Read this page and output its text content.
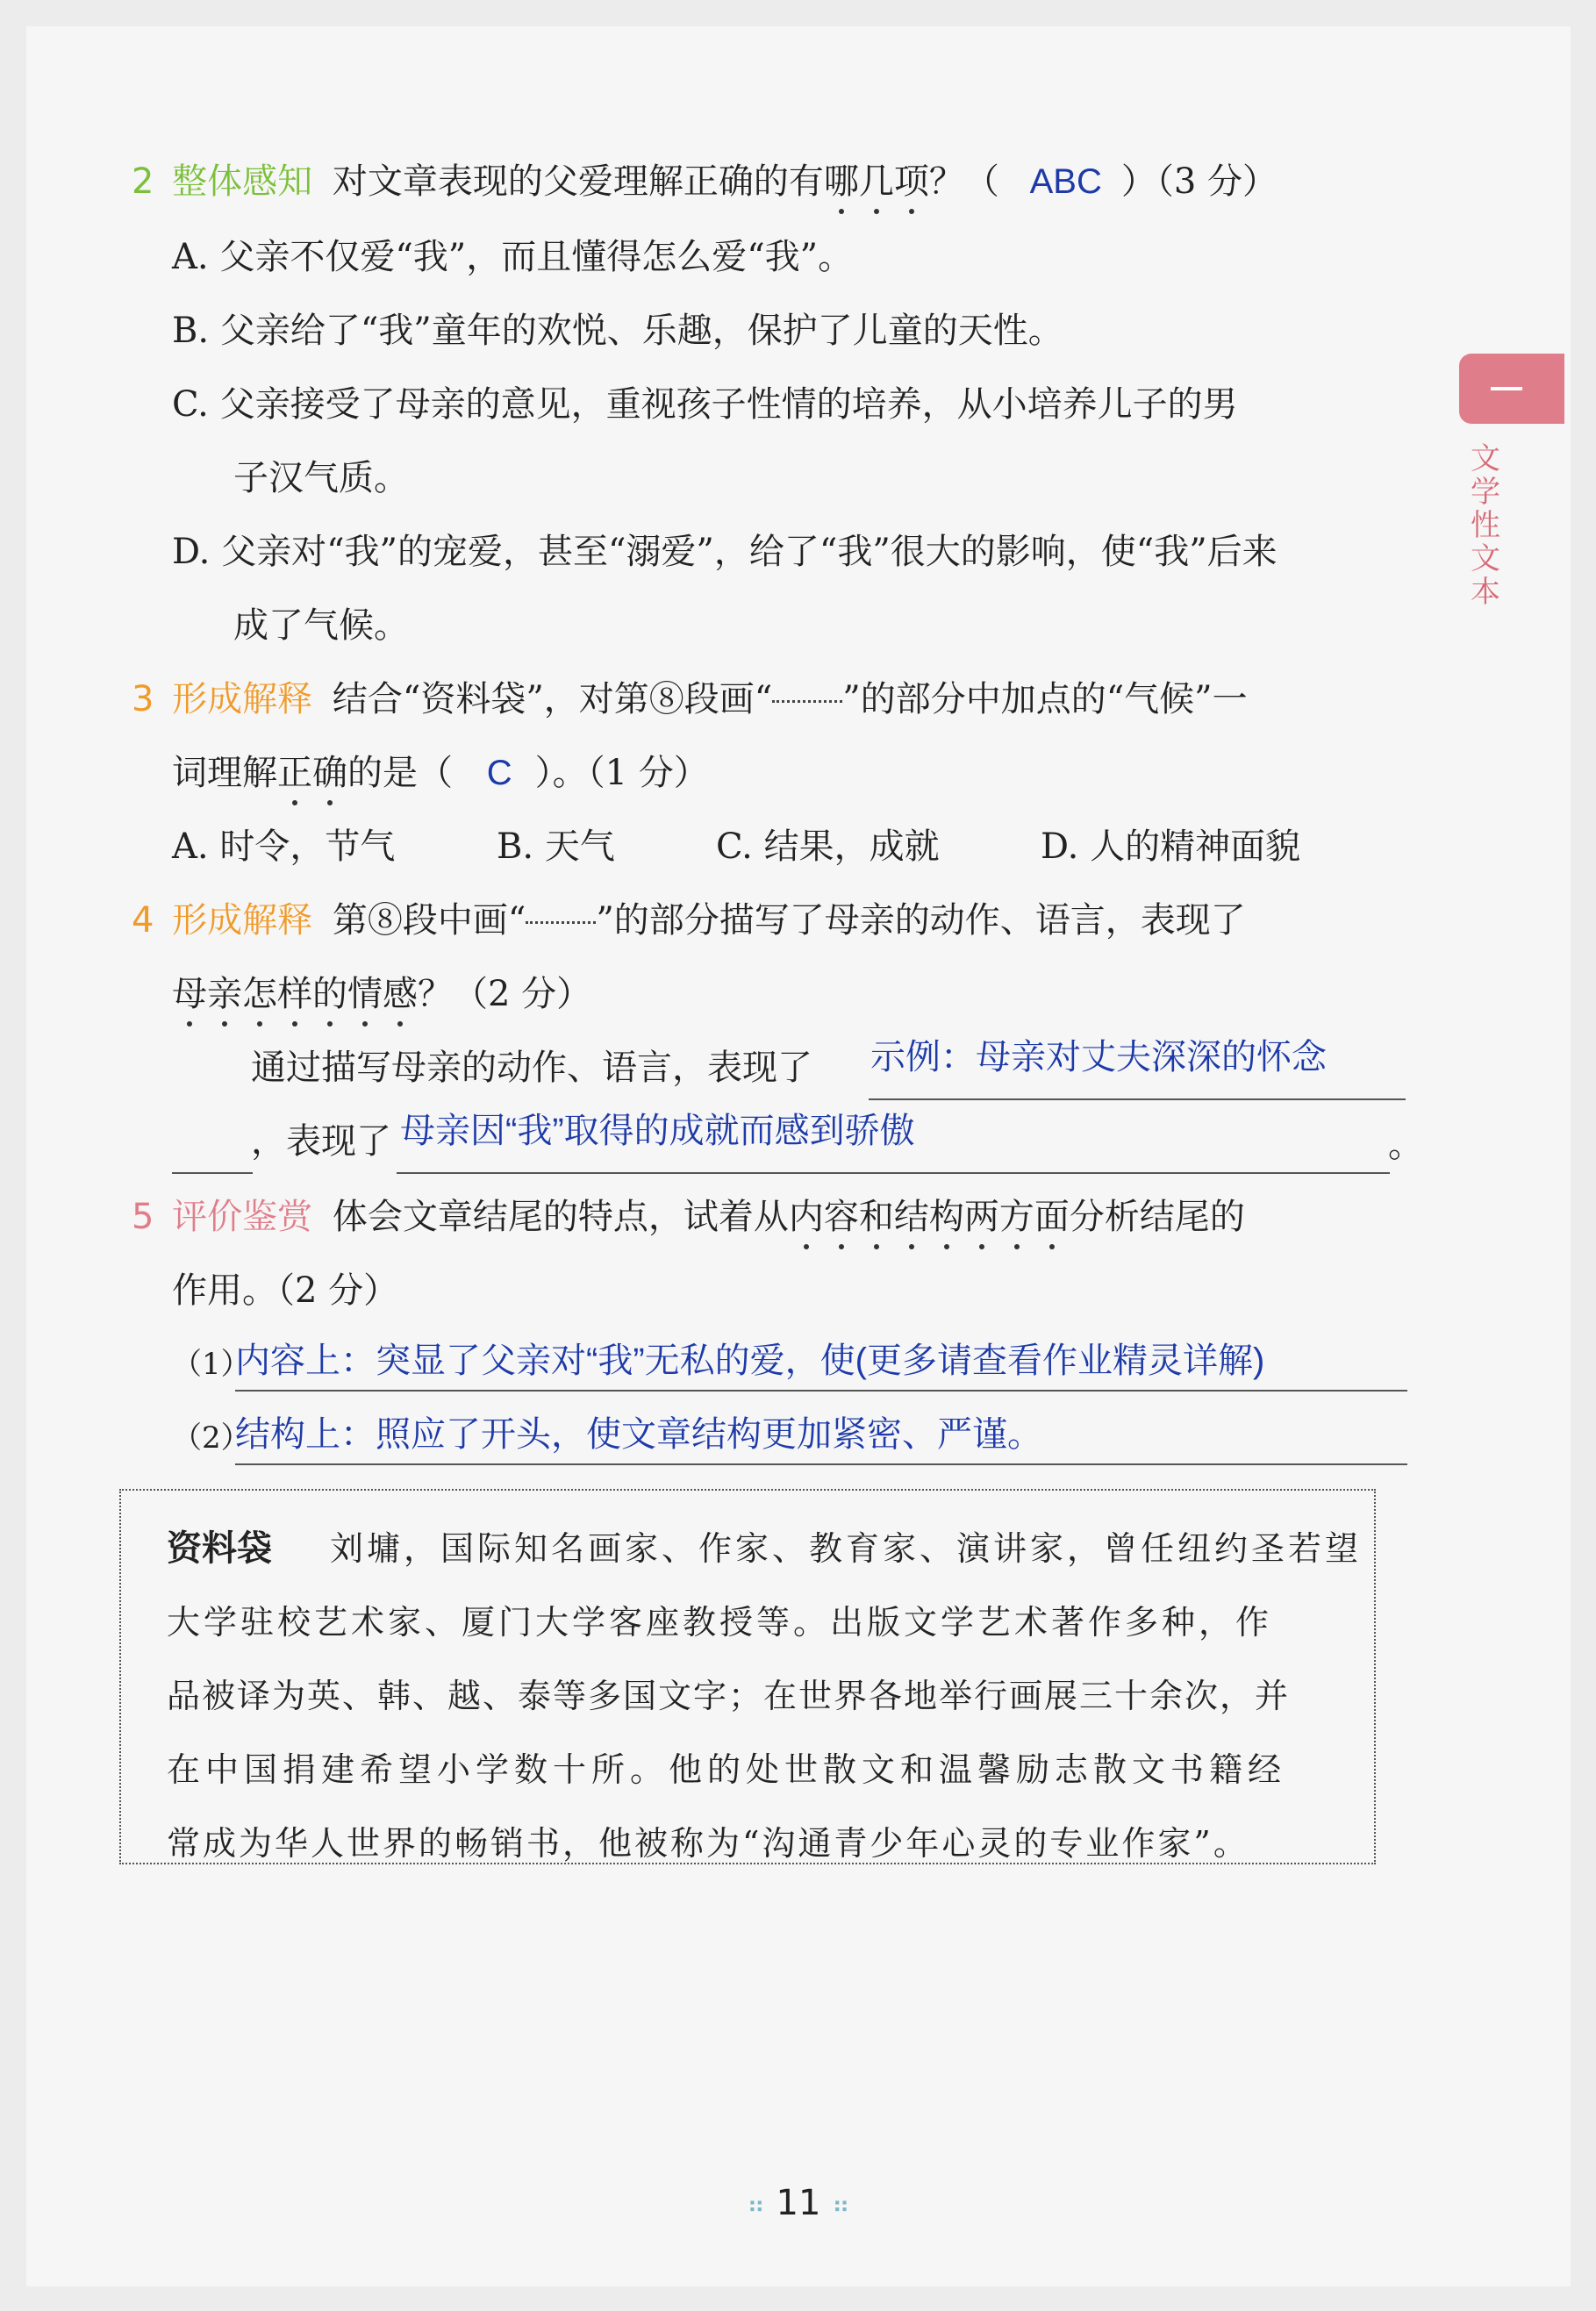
文学性文本
2 整体感知 对文章表现的父爱理解正确的有哪几项？（ ABC ）（3 分）
A. 父亲不仅爱“我”，而且懂得怎么爱“我”。
B. 父亲给了“我”童年的欢悦、乐趣，保护了儿童的天性。
C. 父亲接受了母亲的意见，重视孩子性情的培养，从小培养儿子的男
子汉气质。
D. 父亲对“我”的宠爱，甚至“溺爱”，给了“我”很大的影响，使“我”后来
成了气候。
3 形成解释 结合“资料袋”，对第⑧段画“ ”的部分中加点的“气候”一
词理解正确的是（ C ）。（1 分）
A. 时令，节气	B. 天气	C. 结果，成就	D. 人的精神面貌
4 形成解释 第⑧段中画“ ”的部分描写了母亲的动作、语言，表现了
母亲怎样的情感？（2 分）
通过描写母亲的动作、语言，表现了 示例：母亲对丈夫深深的怀念
，表现了 母亲因“我”取得的成就而感到骄傲	。
5 评价鉴赏 体会文章结尾的特点，试着从内容和结构两方面分析结尾的
作用。（2 分）
（1）
内容上：突显了父亲对“我”无私的爱，使(更多请查看作业精灵详解)
（2）
结构上：照应了开头，使文章结构更加紧密、严谨。
资料袋 刘墉，国际知名画家、作家、教育家、演讲家，曾任纽约圣若望
大学驻校艺术家、厦门大学客座教授等。出版文学艺术著作多种，作
品被译为英、韩、越、泰等多国文字；在世界各地举行画展三十余次，并
在中国捐建希望小学数十所。他的处世散文和温馨励志散文书籍经
常成为华人世界的畅销书，他被称为“沟通青少年心灵的专业作家”。
⠶ 11 ⠶
